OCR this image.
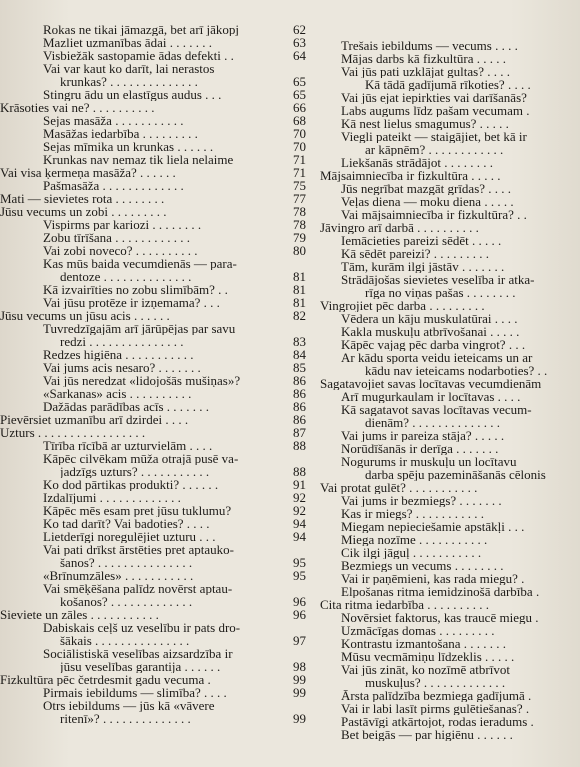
Rokas ne tikai jāmazgā, bet arī jākopj	62
Mazliet uzmanības ādai . . . . . . .	63
Visbiežāk sastopamie ādas defekti . .	64
Vai var kaut ko darīt, lai nerastos
krunkas? . . . . . . . . . . . . . .	65
Stingru ādu un elastīgus audus . . .	65
Krāsoties vai ne? . . . . . . . . . .	66
Sejas masāža . . . . . . . . . . .	68
Masāžas iedarbība . . . . . . . . .	70
Sejas mīmika un krunkas . . . . . .	70
Krunkas nav nemaz tik lielа nelaime	71
Vai visa ķermeņa masāža? . . . . . .	71
Pašmasāža . . . . . . . . . . . . .	75
Mati — sievietes rota . . . . . . . .	77
Jūsu vecums un zobi . . . . . . . . .	78
Vispirms par kariozi . . . . . . . .	78
Zobu tīrīšana . . . . . . . . . . . .	79
Vai zobi noveco? . . . . . . . . . .	80
Kas mūs baida vecumdienās — para-
dentoze . . . . . . . . . . . . . .	81
Kā izvairīties no zobu slimībām? . .	81
Vai jūsu protēze ir izņemama? . . .	81
Jūsu vecums un jūsu acis . . . . . .	82
Tuvredzīgajām arī jārūpējas par savu
redzi . . . . . . . . . . . . . . .	83
Redzes higiēna . . . . . . . . . . .	84
Vai jums acis nesaro? . . . . . . .	85
Vai jūs neredzat «lidojošās mušiņas»?	86
«Sarkanas» acis . . . . . . . . . .	86
Dažādas parādības acīs . . . . . . .	86
Pievērsiet uzmanību arī dzirdei . . . .	86
Uzturs . . . . . . . . . . . . . . . . .	87
Tīrība rīcībā ar uzturvielām . . . .	88
Kāpēc cilvēkam mūža otrajā pusē va-
jadzīgs uzturs? . . . . . . . . . . .	88
Ko dod pārtikas produkti? . . . . . .	91
Izdalījumi . . . . . . . . . . . . .	92
Kāpēc mēs esam pret jūsu tuklumu?	92
Ko tad darīt? Vai badoties? . . . .	94
Lietderīgi noregulējiet uzturu . . .	94
Vai pati drīkst ārstēties pret aptauko-
šanos? . . . . . . . . . . . . . . .	95
«Brīnumzāles» . . . . . . . . . . .	95
Vai smēķēšana palīdz novērst aptau-
košanos? . . . . . . . . . . . . .	96
Sieviete un zāles . . . . . . . . . . .	96
Dabiskais ceļš uz veselību ir pats dro-
šākais . . . . . . . . . . . . . . .	97
Sociālistiskā veselības aizsardzība ir
jūsu veselības garantija . . . . . .	98
Fizkultūra pēc četrdesmit gadu vecuma .	99
Pirmais iebildums — slimība? . . . .	99
Otrs iebildums — jūs kā «vāvere
ritenī»? . . . . . . . . . . . . . .	99
Trešais iebildums — vecums . . . .
Mājas darbs kā fizkultūra . . . . .
Vai jūs pati uzklājat gultas? . . . .
Kā tādā gadījumā rīkoties? . . . .
Vai jūs ejat iepirkties vai darīšanās?
Labs augums līdz pašam vecumam .
Kā nest lielus smagumus? . . . . .
Viegli pateikt — staigājiet, bet kā ir
ar kāpnēm? . . . . . . . . . . . .
Liekšanās strādājot . . . . . . . .
Mājsaimniecība ir fizkultūra . . . . .
Jūs negrībat mazgāt grīdas? . . . .
Veļas diena — moku diena . . . . .
Vai mājsaimniecība ir fizkultūra? . .
Jāvingro arī darbā . . . . . . . . . .
Iemācieties pareizi sēdēt . . . . .
Kā sēdēt pareizi? . . . . . . . . .
Tām, kurām ilgi jāstāv . . . . . . .
Strādājošas sievietes veselība ir atka-
rīga no viņas pašas . . . . . . . .
Vingrojiet pēc darba . . . . . . . . .
Vēdera un kāju muskulatūrai . . . .
Kakla muskuļu atbrīvošanai . . . . .
Kāpēc vajag pēc darba vingrot? . . .
Ar kādu sporta veidu ieteicams un ar
kādu nav ieteicams nodarboties? . .
Sagatavojiet savas locītavas vecumdienām
Arī mugurkaulam ir locītavas . . . .
Kā sagatavot savas locītavas vecum-
dienām? . . . . . . . . . . . . . .
Vai jums ir pareiza stāja? . . . . .
Norūdīšanās ir derīga . . . . . . .
Nogurums ir muskuļu un locītavu
darba spēju pazemināšanās cēlonis
Vai protat gulēt? . . . . . . . . . . .
Vai jums ir bezmiegs? . . . . . . .
Kas ir miegs? . . . . . . . . . . .
Miegam nepieciešamie apstākļi . . .
Miega nozīme . . . . . . . . . . .
Cik ilgi jāguļ . . . . . . . . . . .
Bezmiegs un vecums . . . . . . . .
Vai ir paņēmieni, kas rada miegu? .
Elpošanas ritma iemidzinošā darbība .
Cita ritma iedarbība . . . . . . . . . .
Novērsiet faktorus, kas traucē miegu .
Uzmācīgas domas . . . . . . . . .
Kontrastu izmantošana . . . . . . .
Mūsu vecmāmiņu līdzeklis . . . . .
Vai jūs zināt, ko nozīmē atbrīvot
muskuļus? . . . . . . . . . . . . .
Ārsta palīdzība bezmiega gadījumā .
Vai ir labi lasīt pirms gulētiešanas? .
Pastāvīgi atkārtojot, rodas ieradums .
Bet beigās — par higiēnu . . . . . .
